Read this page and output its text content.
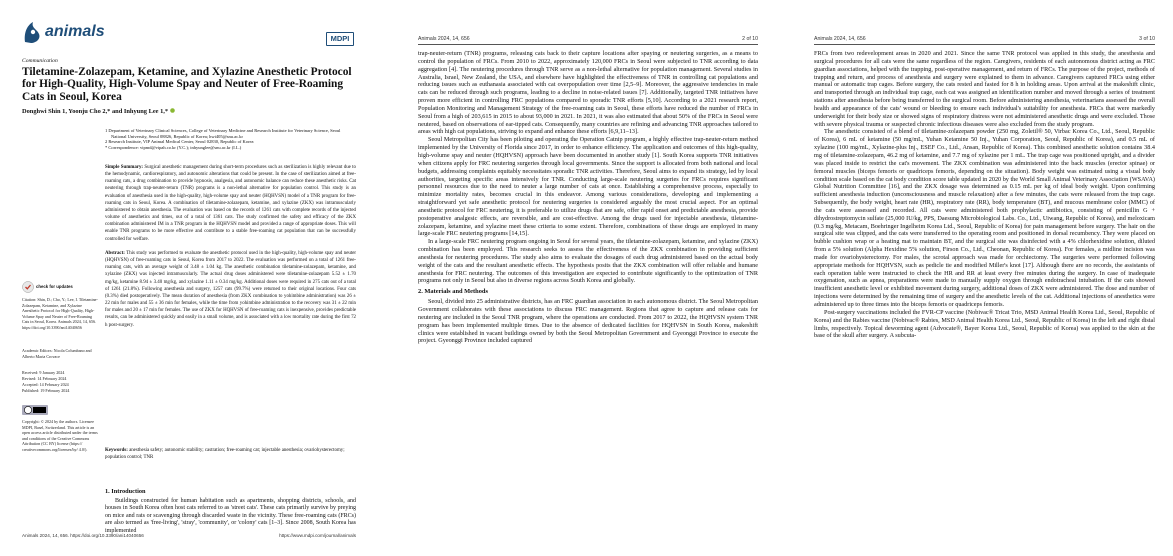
animals	MDPI
Communication
Tiletamine-Zolazepam, Ketamine, and Xylazine Anesthetic Protocol for High-Quality, High-Volume Spay and Neuter of Free-Roaming Cats in Seoul, Korea
Donghwi Shin 1, Yoonju Cho 2,* and Inhyung Lee 1,*
1 Department of Veterinary Clinical Sciences, College of Veterinary Medicine and Research Institute for Veterinary Science, Seoul National University, Seoul 08826, Republic of Korea; hwi405@snu.ac.kr
2 Research Institute, VIP Animal Medical Center, Seoul 02830, Republic of Korea
* Correspondence: vipmd@vipah.co.kr (Y.C.); inhyunglee@snu.ac.kr (I.L.)
Simple Summary: Surgical anesthetic management during short-term procedures such as sterilization is highly relevant due to the hemodynamic, cardiorespiratory, and autonomic alterations that could be present. In the case of sterilization aimed at free-roaming cats, a drug combination to provide hypnosis, analgesia, and autonomic balance can reduce these anesthetic risks. Cat neutering through trap-neuter-return (TNR) programs is a non-lethal alternative for population control. This study is an evaluation of anesthesia used in the high-quality, high-volume spay and neuter (HQHVSN) model of a TNR program for free-roaming cats in Seoul, Korea. A combination of tiletamine-zolazepam, ketamine, and xylazine (ZKX) was intramuscularly administered to obtain anesthesia. The evaluation was based on the records of 1261 cats with complete records of the injected volume of anesthetics and times, out of a total of 1361 cats. The study confirmed the safety and efficacy of the ZKX combination administered IM in a TNR program in the HQHVSN model and provided a range of appropriate doses. This will enable TNR programs to be more effective and contribute to a stable free-roaming cat population that can be successfully controlled for welfare.
Abstract: This study was performed to evaluate the anesthetic protocol used in the high-quality, high-volume spay and neuter (HQHVSN) of free-roaming cats in Seoul, Korea from 2017 to 2022. The evaluation was performed on a total of 1261 free-roaming cats, with an average weight of 3.48 ± 1.04 kg. The anesthetic combination tiletamine-zolazepam, ketamine, and xylazine (ZKX) was injected intramuscularly. The actual drug doses administered were tiletamine-zolazepam 5.52 ± 1.70 mg/kg, ketamine 8.94 ± 3.40 mg/kg, and xylazine 1.11 ± 0.34 mg/kg. Additional doses were required in 275 cats out of a total of 1261 (21.8%). Following anesthesia and surgery, 1257 cats (99.7%) were returned to their original locations. Four cats (0.3%) died postoperatively. The mean duration of anesthesia (from ZKX combination to yohimbine administration) was 26 ± 22 min for males and 55 ± 36 min for females, while the time from yohimbine administration to the recovery was 31 ± 22 min for males and 20 ± 17 min for females. The use of ZKX for HQHVSN of free-roaming cats is inexpensive, provides predictable results, can be administered quickly and easily in a small volume, and is associated with a low mortality rate during the first 72 h post-surgery.
Keywords: anesthesia safety; autonomic stability; castration; free-roaming cat; injectable anesthesia; ovariohysterectomy; population control; TNR
check for updates
Citation: Shin, D.; Cho, Y.; Lee, I. Tiletamine-Zolazepam, Ketamine, and Xylazine Anesthetic Protocol for High-Quality, High-Volume Spay and Neuter of Free-Roaming Cats in Seoul, Korea. Animals 2024, 14, 656. https://doi.org/10.3390/ani14040656
Academic Editors: Nicola Columbano and Alberto Maria Crovace
Received: 9 January 2024
Revised: 14 February 2024
Accepted: 14 February 2024
Published: 19 February 2024
Copyright: © 2024 by the authors. Licensee MDPI, Basel, Switzerland. This article is an open access article distributed under the terms and conditions of the Creative Commons Attribution (CC BY) license (https:// creativecommons.org/licenses/by/ 4.0/).
1. Introduction

Buildings constructed for human habitation such as apartments, shopping districts, schools, and houses in South Korea often host cats referred to as 'street cats'. These cats primarily survive by preying on mice and rats or scavenging through discarded waste in the vicinity. These free-roaming cats (FRCs) are also termed as 'free-living', 'stray', 'community', or 'colony' cats [1–3]. Since 2008, South Korea has implemented

Animals 2024, 14, 656. https://doi.org/10.3390/ani14040656	https://www.mdpi.com/journal/animals
Animals 2024, 14, 656	2 of 10

trap-neuter-return (TNR) programs, releasing cats back to their capture locations after spaying or neutering surgeries, as a means to control the population of FRCs. From 2010 to 2022, approximately 120,000 FRCs in Seoul were subjected to TNR according to data aggregation [4]. The neutering procedures through TNR serve as a non-lethal alternative for population management. Several studies in Australia, Israel, New Zealand, the USA, and elsewhere have highlighted the effectiveness of TNR in controlling cat populations and reducing issues such as euthanasia associated with cat overpopulation over time [2,5–9]. Moreover, the aggressive tendencies in male cats can be reduced through such programs, leading to a decline in noise-related issues [7]. Additionally, targeted TNR initiatives have proven more efficient in controlling FRC populations compared to sporadic TNR efforts [5,10]. According to a 2021 research report, Population Monitoring and Management Strategy of the free-roaming cats in Seoul, these efforts have reduced the number of FRCs in Seoul from a high of 203,615 in 2015 to about 93,000 in 2021. In 2021, it was also estimated that about 50% of the FRCs in Seoul were neutered, based on observations of ear-tipped cats. Consequently, many countries are refining and advancing TNR approaches tailored to areas with high cat populations, striving to expand and enhance these efforts [6,9,11–13].

Seoul Metropolitan City has been piloting and operating the Operation Catnip program, a highly effective trap-neuter-return method implemented by the University of Florida since 2017, in order to enhance efficiency. The application and outcomes of this high-quality, high-volume spay and neuter (HQHVSN) approach have been documented in another study [1]. South Korea supports TNR initiatives when citizens apply for FRC neutering surgeries through local governments. Since the support is allocated from both national and local budgets, addressing complaints equitably necessitates sporadic TNR activities. Therefore, Seoul aims to expand its strategy, led by local authorities, targeting specific areas intensively for TNR. Conducting large-scale neutering surgeries for FRCs requires significant personnel resources due to the need to neuter a large number of cats at once. Establishing a comprehensive process, especially to minimize mortality rates, becomes crucial in this endeavor. Among various considerations, developing and implementing a straightforward yet safe anesthetic protocol for neutering surgeries is considered arguably the most crucial aspect. For an optimal anesthetic protocol for FRC neutering, it is preferable to utilize drugs that are safe, offer rapid onset and predictable anesthesia, provide postoperative analgesic effects, are reversible, and are cost-effective. Among the drugs used for injectable anesthesia, tiletamine-zolazepam, ketamine, and xylazine meet these criteria to some extent. Therefore, combinations of these drugs are employed in many large-scale FRC neutering programs [14,15].

In a large-scale FRC neutering program ongoing in Seoul for several years, the tiletamine-zolazepam, ketamine, and xylazine (ZKX) combination has been employed. This research seeks to assess the effectiveness of the ZKX combination in providing sufficient anesthesia for neutering procedures. The study also aims to evaluate the dosages of each drug administered based on the actual body weight of the cats and the resultant anesthetic effects. The hypothesis posits that the ZKX combination will offer reliable and humane anesthesia for FRC neutering. The outcomes of this investigation are expected to contribute significantly to the optimization of TNR programs not only in Seoul but also in diverse regions across South Korea and globally.

2. Materials and Methods

Seoul, divided into 25 administrative districts, has an FRC guardian association in each autonomous district. The Seoul Metropolitan Government collaborates with these associations to discuss FRC management. Regions that agree to capture and release cats for neutering are included in the Seoul TNR program, where the operations are conducted. From 2017 to 2022, the HQHVSN system TNR program has been implemented multiple times. Due to the absence of dedicated facilities for HQHVSN in South Korea, makeshift clinics were established in vacant buildings owned by both the Seoul Metropolitan Government and Gyeonggi Province to execute the project. Gyeonggi Province included captured

Animals 2024, 14, 656	3 of 10

FRCs from two redevelopment areas in 2020 and 2021. Since the same TNR protocol was applied in this study, the anesthesia and surgical procedures for all cats were the same regardless of the region. Caregivers, residents of each autonomous district acting as FRC guardian associations, helped with the trapping, post-operative management, and return of FRCs. The purpose of the project, methods of trapping and return, and process of anesthesia and surgery were explained to them in advance. Caregivers captured FRCs using either manual or automatic trap cages. Before surgery, the cats rested and fasted for 8 h in holding areas. Upon arrival at the makeshift clinic, and transported through an individual trap cage, each cat was assigned an identification number and moved through a series of treatment stations after anesthesia before being transferred to the surgical room. Before administering anesthesia, veterinarians assessed the overall health and appearance of the cats' wound or bleeding to ensure each individual's suitability for anesthesia. FRCs that were markedly underweight for their body size or showed signs of respiratory distress were not administered anesthetic drugs and were excluded. Those with severe physical trauma or suspected chronic infectious diseases were also excluded from the study program.

The anesthetic consisted of a blend of tiletamine-zolazepam powder (250 mg, Zoletil® 50, Virbac Korea Co., Ltd., Seoul, Republic of Korea), 6 mL of ketamine (50 mg/mL, Yuhan Ketamine 50 Inj., Yuhan Corporation, Seoul, Republic of Korea), and 0.5 mL of xylazine (100 mg/mL, Xylazine-plus Inj., ESEF Co., Ltd., Ansan, Republic of Korea). This combined anesthetic solution contains 38.4 mg of tiletamine-zolazepam, 46.2 mg of ketamine, and 7.7 mg of xylazine per 1 mL. The trap cage was positioned upright, and a divider was placed inside to restrict the cat's movement. The ZKX combination was administered into the back muscles (erector spinae) or femoral muscles (biceps femoris or quadriceps femoris, depending on the situation). Body weight was estimated using a visual body condition scale based on the cat body condition score table updated in 2020 by the World Small Animal Veterinary Association (WSAVA) Global Nutrition Committee [16], and the ZKX dosage was determined as 0.15 mL per kg of ideal body weight. Upon confirming sufficient anesthesia induction (unconsciousness and muscle relaxation) after a few minutes, the cats were released from the trap cage. Subsequently, the body weight, heart rate (HR), respiratory rate (RR), body temperature (BT), and mucous membrane color (MMC) of the cats were assessed and recorded. All cats were administered both prophylactic antibiotics, consisting of penicillin G + dihydrostreptomycin sulfate (25,000 IU/kg, PPS, Daesung Microbiological Labs. Co., Ltd., Uiwang, Republic of Korea), and meloxicam (0.3 mg/kg, Metacam, Boehringer Ingelheim Korea Ltd., Seoul, Republic of Korea) for pain management before surgery. The hair on the surgical site was clipped, and the cats were transferred to the operating room and positioned in dorsal recumbency. They were placed on bubble cushion wrap or a heating mat to maintain BT, and the surgical site was disinfected with a 4% chlorhexidine solution, diluted from a 5% solution (Alpha Hexidine 5% solution, Firson Co., Ltd., Cheonan, Republic of Korea). For females, a midline incision was made for ovariohysterectomy. For males, the scrotal approach was made for orchiectomy. The surgeries were performed following appropriate methods for HQHVSN, such as pedicle tie and modified Miller's knot [17]. Although there are no records, the assistants of each operation table were instructed to check the HR and RR at least every five minutes during the surgery. In case of inadequate oxygenation, such as apnea, preparations were made to manually supply oxygen through endotracheal intubation. If the cats showed insufficient anesthetic level or exhibited movement during surgery, additional doses of ZKX were administered. The dose and number of injections were determined by the remaining time of surgery and the anesthetic levels of the cat. Additional injections of anesthetics were administered up to three times into the biceps femoris or quadriceps femoris.

Post-surgery vaccinations included the FVR-CP vaccine (Nobivac® Tricat Trio, MSD Animal Health Korea Ltd., Seoul, Republic of Korea) and the Rabies vaccine (Nobivac® Rabies, MSD Animal Health Korea Ltd., Seoul, Republic of Korea) in the left and right distal limbs, respectively. Topical deworming agent (Advocate®, Bayer Korea Ltd., Seoul, Republic of Korea) was applied to the skin at the base of the skull after surgery. A subcuta-
